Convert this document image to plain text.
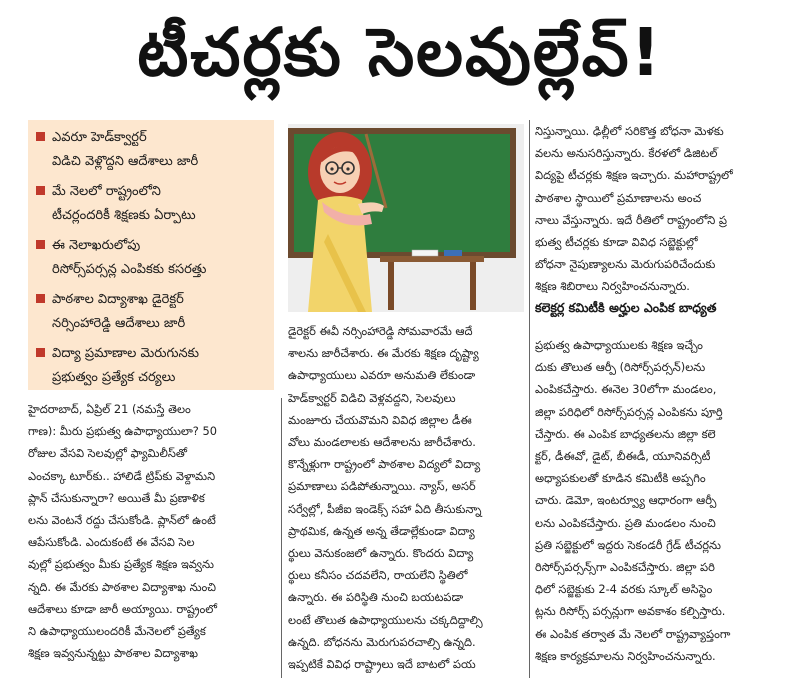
టీచర్లకు సెలవుల్లేవ్‌!
ఎవరూ హెడ్‌క్వార్టర్‌
విడిచి వెళ్లొద్దని ఆదేశాలు జారీ
మే నెలలో రాష్ట్రంలోని
టీచర్లందరికీ శిక్షణకు ఏర్పాటు
ఈ నెలాఖరులోపు
రిసోర్స్‌పర్సన్ల ఎంపికకు కసరత్తు
పాఠశాల విద్యాశాఖ డైరెక్టర్‌
నర్సింహారెడ్డి ఆదేశాలు జారీ
విద్యా ప్రమాణాల మెరుగునకు
ప్రభుత్వం ప్రత్యేక చర్యలు
హైదరాబాద్‌, ఏప్రిల్‌ 21 (నమస్తే తెలం
గాణ): మీరు ప్రభుత్వ ఉపాధ్యాయులా? 50
రోజుల వేసవి సెలవుల్లో ఫ్యామిలీస్‌తో
ఎంచక్కా టూర్‌కు.. హాలిడే ట్రిప్‌కు వెళ్దామని
ప్లాన్‌ చేసుకున్నారా? అయితే మీ ప్రణాళిక
లను వెంటనే రద్దు చేసుకోండి. ప్లాన్‌లో ఉంటే
ఆపేసుకోండి. ఎందుకంటే ఈ వేసవి సెల
వుల్లో ప్రభుత్వం మీకు ప్రత్యేక శిక్షణ ఇవ్వను
న్నది. ఈ మేరకు పాఠశాల విద్యాశాఖ నుంచి
ఆదేశాలు కూడా జారీ అయ్యాయి. రాష్ట్రంలో
ని ఉపాధ్యాయులందరికీ మేనెలలో ప్రత్యేక
శిక్షణ ఇవ్వనున్నట్టు పాఠశాల విద్యాశాఖ
డైరెక్టర్‌ ఈవీ నర్సింహారెడ్డి సోమవారమే ఆదే
శాలను జారీచేశారు. ఈ మేరకు శిక్షణ దృష్ట్యా
ఉపాధ్యాయులు ఎవరూ అనుమతి లేకుండా
హెడ్‌క్వార్టర్‌ విడిచి వెళ్లవద్దని, సెలవులు
మంజూరు చేయవొమని వివిధ జిల్లాల డీఈ
వోలు మండలాలకు ఆదేశాలను జారీచేశారు.
కొన్నేళ్లుగా రాష్ట్రంలో పాఠశాల విద్యలో విద్యా
ప్రమాణాలు పడిపోతున్నాయి. న్యాస్‌, అసర్‌
సర్వేల్లో, పీజీఐ ఇండెక్స్‌ సహా ఏది తీసుకున్నా
ప్రాథమిక, ఉన్నత అన్న తేడాల్లేకుండా విద్యా
ర్థులు వెనుకంజలో ఉన్నారు. కొందరు విద్యా
ర్థులు కనీసం చదవలేని, రాయలేని స్థితిలో
ఉన్నారు. ఈ పరిస్థితి నుంచి బయటపడా
లంటే తొలుత ఉపాధ్యాయులను చక్కదిద్దాల్సి
ఉన్నది. బోధనను మెరుగుపరచాల్సి ఉన్నది.
ఇప్పటికే వివిధ రాష్ట్రాలు ఇదే బాటలో పయ
నిస్తున్నాయి. ఢిల్లీలో సరికొత్త బోధనా మెళకు
వలను అనుసరిస్తున్నారు. కేరళలో డిజిటల్‌
విద్యపై టీచర్లకు శిక్షణ ఇచ్చారు. మహారాష్ట్రలో
పాఠశాల స్థాయిలో ప్రమాణాలను అంచ
నాలు వేస్తున్నారు. ఇదే రీతిలో రాష్ట్రంలోని ప్ర
భుత్వ టీచర్లకు కూడా వివిధ సబ్జెక్టుల్లో
బోధనా నైపుణ్యాలను మెరుగుపరిచేందుకు
శిక్షణ శిబిరాలు నిర్వహించనున్నారు.
కలెక్టర్ల కమిటీకి అర్హుల ఎంపిక బాధ్యత
ప్రభుత్వ ఉపాధ్యాయులకు శిక్షణ ఇచ్చేం
దుకు తొలుత ఆర్పీ (రిసోర్స్‌పర్సన్‌)లను
ఎంపికచేస్తారు. ఈనెల 30లోగా మండలం,
జిల్లా పరిధిలో రిసోర్స్‌పర్సన్ల ఎంపికను పూర్తి
చేస్తారు. ఈ ఎంపిక బాధ్యతలను జిల్లా కలె
క్టర్‌, డీఈవో, డైట్‌, బీఈడీ, యూనివర్సిటీ
అధ్యాపకులతో కూడిన కమిటీకి అప్పగిం
చారు. డెమో, ఇంటర్వ్యూ ఆధారంగా ఆర్పీ
లను ఎంపికచేస్తారు. ప్రతి మండలం నుంచి
ప్రతి సబ్జెక్టులో ఇద్దరు సెకండరీ గ్రేడ్‌ టీచర్లను
రిసోర్స్‌పర్సన్స్‌గా ఎంపికచేస్తారు. జిల్లా పరి
ధిలో సబ్జెక్టుకు 2-4 వరకు స్కూల్‌ అసిస్టెం
ట్లను రిసోర్స్‌ పర్సన్లుగా అవకాశం కల్పిస్తారు.
ఈ ఎంపిక తర్వాత మే నెలలో రాష్ట్రవ్యాప్తంగా
శిక్షణ కార్యక్రమాలను నిర్వహించనున్నారు.
